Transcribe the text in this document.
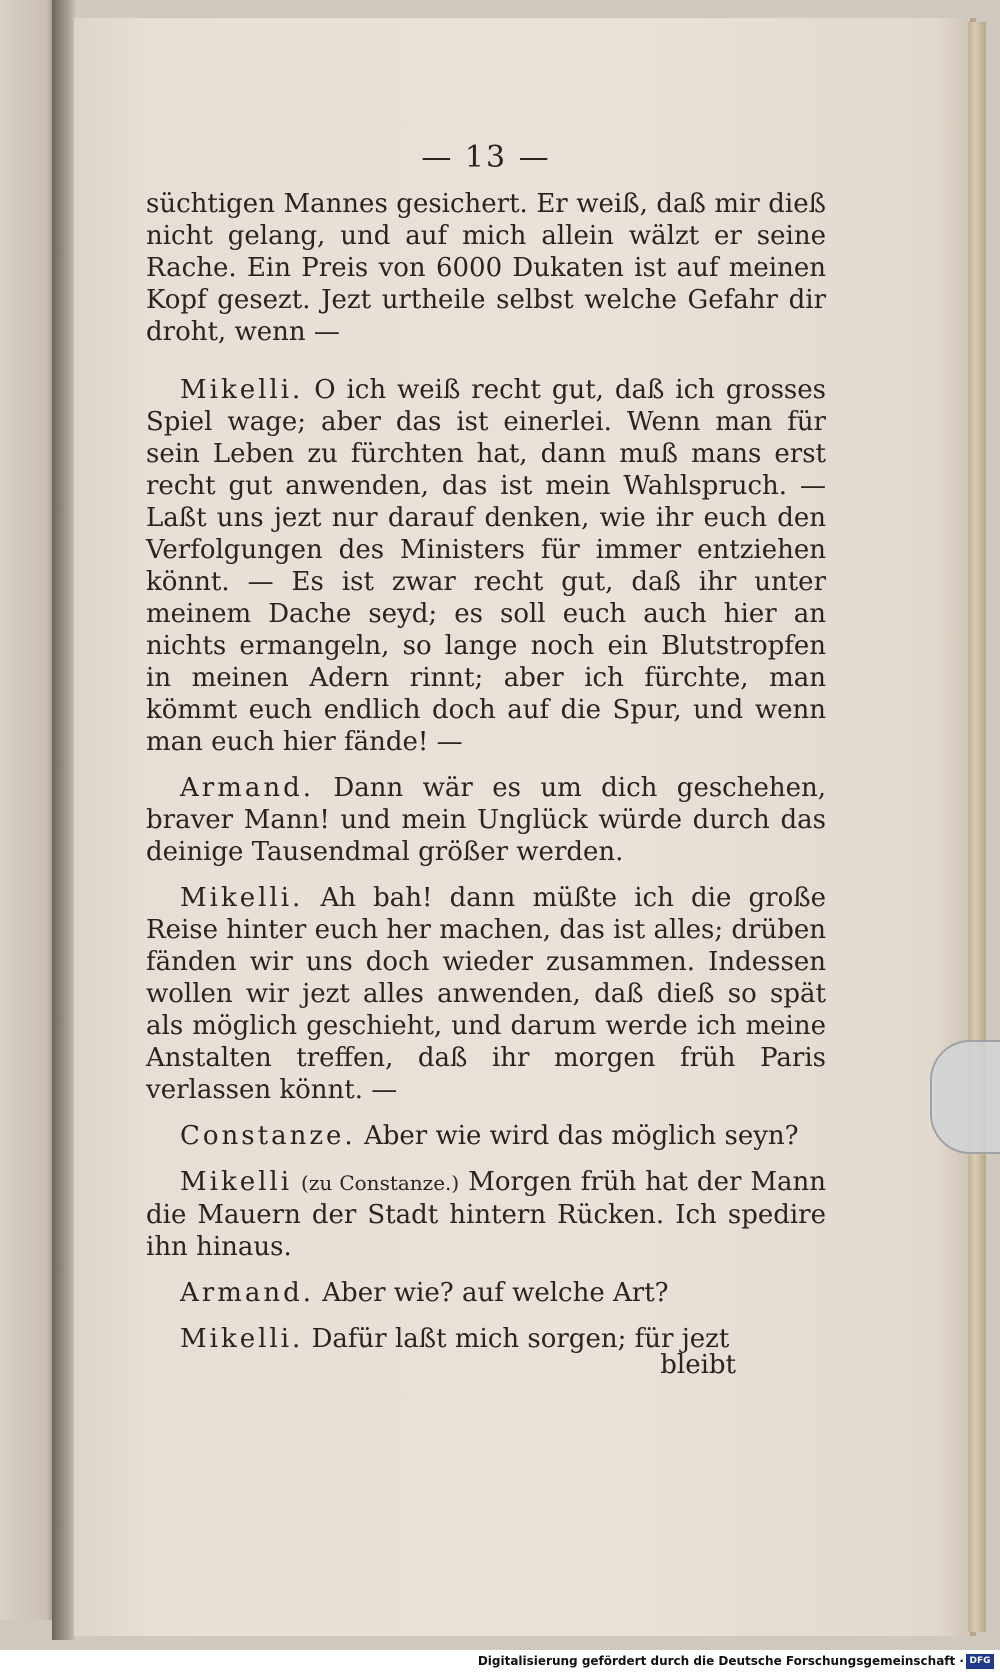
— 13 —

süchtigen Mannes gesichert. Er weiß, daß mir dieß nicht gelang, und auf mich allein wälzt er seine Rache. Ein Preis von 6000 Dukaten ist auf meinen Kopf gesezt. Jezt urtheile selbst welche Gefahr dir droht, wenn —

Mikelli. O ich weiß recht gut, daß ich grosses Spiel wage; aber das ist einerlei. Wenn man für sein Leben zu fürchten hat, dann muß mans erst recht gut anwenden, das ist mein Wahlspruch. — Laßt uns jezt nur darauf denken, wie ihr euch den Verfolgungen des Ministers für immer entziehen könnt. — Es ist zwar recht gut, daß ihr unter meinem Dache seyd; es soll euch auch hier an nichts ermangeln, so lange noch ein Blutstropfen in meinen Adern rinnt; aber ich fürchte, man kömmt euch endlich doch auf die Spur, und wenn man euch hier fände! —

Armand. Dann wär es um dich geschehen, braver Mann! und mein Unglück würde durch das deinige Tausendmal größer werden.

Mikelli. Ah bah! dann müßte ich die große Reise hinter euch her machen, das ist alles; drüben fänden wir uns doch wieder zusammen. Indessen wollen wir jezt alles anwenden, daß dieß so spät als möglich geschieht, und darum werde ich meine Anstalten treffen, daß ihr morgen früh Paris verlassen könnt. —

Constanze. Aber wie wird das möglich seyn?

Mikelli (zu Constanze.) Morgen früh hat der Mann die Mauern der Stadt hintern Rücken. Ich spedire ihn hinaus.

Armand. Aber wie? auf welche Art?

Mikelli. Dafür laßt mich sorgen; für jezt

bleibt
Digitalisierung gefördert durch die Deutsche Forschungsgemeinschaft · DFG
